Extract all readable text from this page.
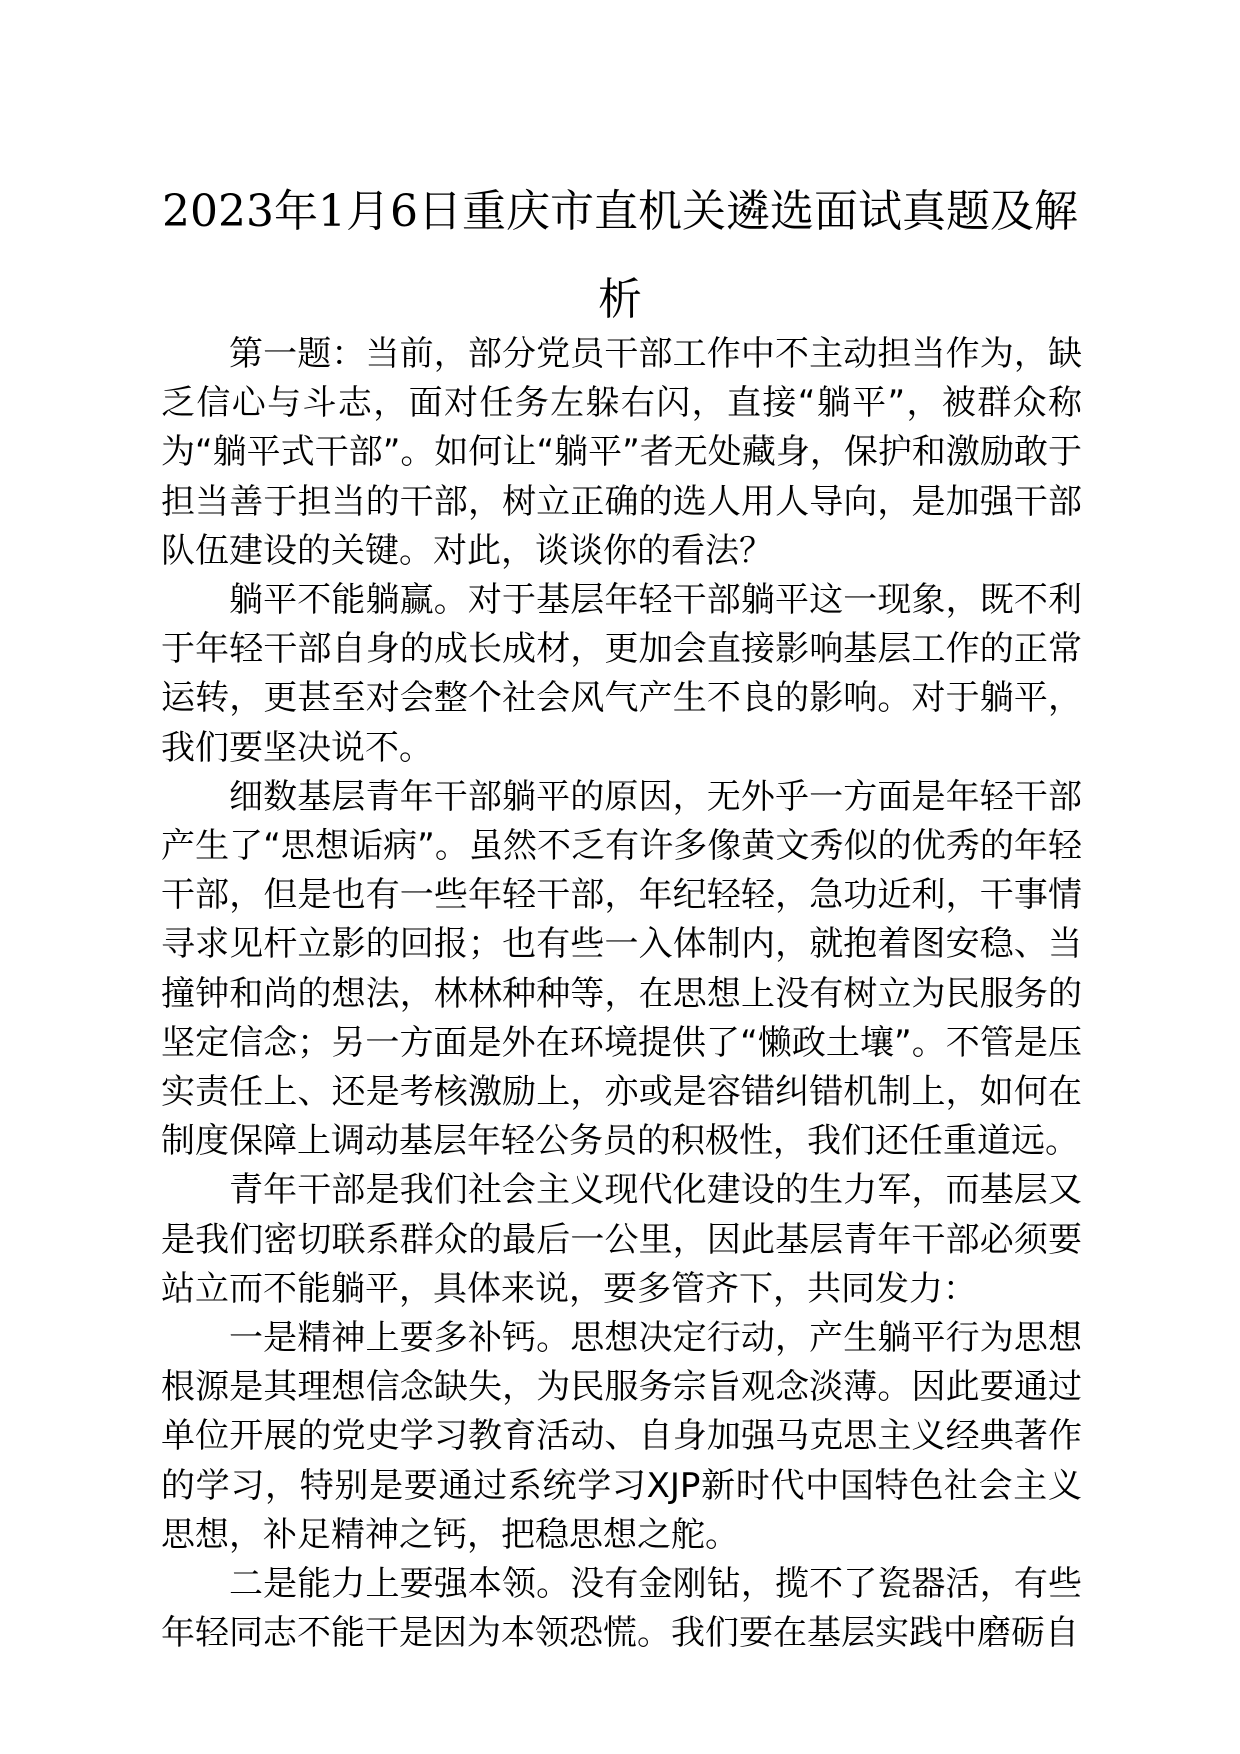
2023年1月6日重庆市直机关遴选面试真题及解析

第一题：当前，部分党员干部工作中不主动担当作为，缺乏信心与斗志，面对任务左躲右闪，直接“躺平”，被群众称为“躺平式干部”。如何让“躺平”者无处藏身，保护和激励敢于担当善于担当的干部，树立正确的选人用人导向，是加强干部队伍建设的关键。对此，谈谈你的看法？

躺平不能躺赢。对于基层年轻干部躺平这一现象，既不利于年轻干部自身的成长成材，更加会直接影响基层工作的正常运转，更甚至对会整个社会风气产生不良的影响。对于躺平，我们要坚决说不。

细数基层青年干部躺平的原因，无外乎一方面是年轻干部产生了“思想诟病”。虽然不乏有许多像黄文秀似的优秀的年轻干部，但是也有一些年轻干部，年纪轻轻，急功近利，干事情寻求见杆立影的回报；也有些一入体制内，就抱着图安稳、当撞钟和尚的想法，林林种种等，在思想上没有树立为民服务的坚定信念；另一方面是外在环境提供了“懒政土壤”。不管是压实责任上、还是考核激励上，亦或是容错纠错机制上，如何在制度保障上调动基层年轻公务员的积极性，我们还任重道远。

青年干部是我们社会主义现代化建设的生力军，而基层又是我们密切联系群众的最后一公里，因此基层青年干部必须要站立而不能躺平，具体来说，要多管齐下，共同发力：

一是精神上要多补钙。思想决定行动，产生躺平行为思想根源是其理想信念缺失，为民服务宗旨观念淡薄。因此要通过单位开展的党史学习教育活动、自身加强马克思主义经典著作的学习，特别是要通过系统学习XJP新时代中国特色社会主义思想，补足精神之钙，把稳思想之舵。

二是能力上要强本领。没有金刚钻，揽不了瓷器活，有些年轻同志不能干是因为本领恐慌。我们要在基层实践中磨砺自
